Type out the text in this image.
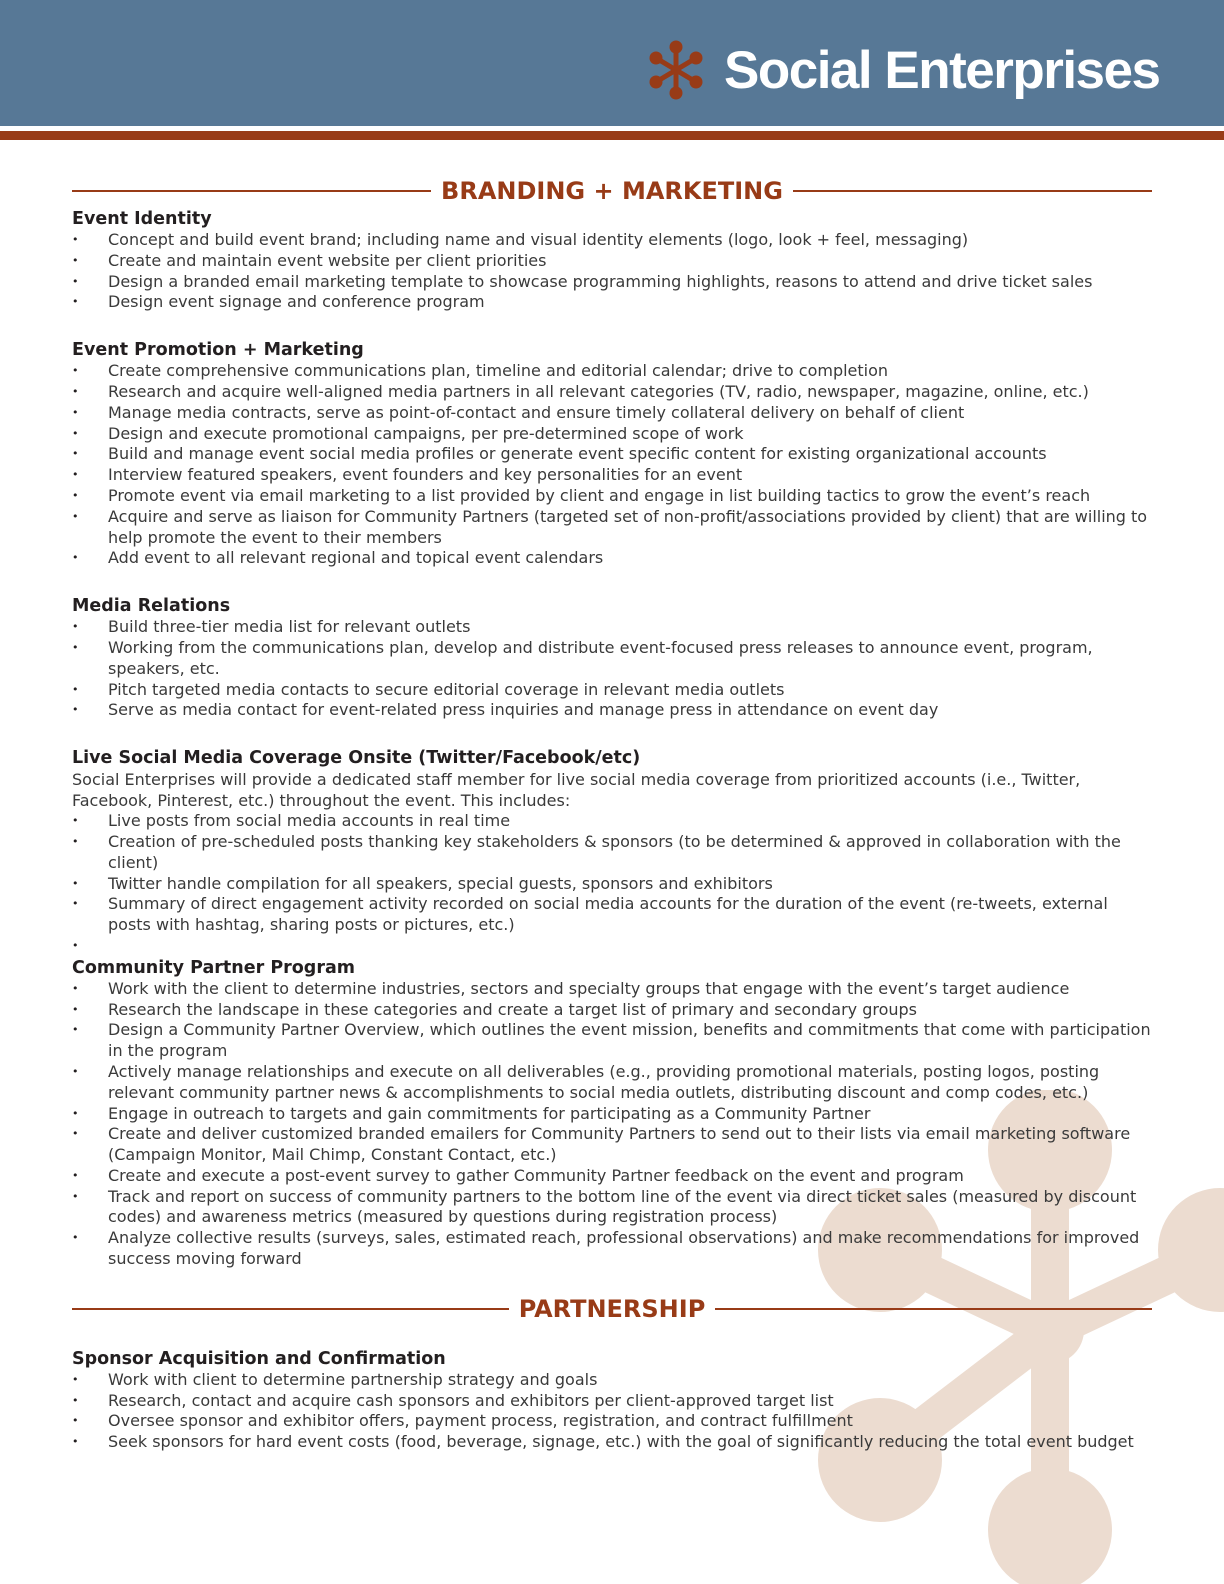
Social Enterprises
BRANDING + MARKETING
Event Identity
• Concept and build event brand; including name and visual identity elements (logo, look + feel, messaging)
• Create and maintain event website per client priorities
• Design a branded email marketing template to showcase programming highlights, reasons to attend and drive ticket sales
• Design event signage and conference program
Event Promotion + Marketing
• Create comprehensive communications plan, timeline and editorial calendar; drive to completion
• Research and acquire well-aligned media partners in all relevant categories (TV, radio, newspaper, magazine, online, etc.)
• Manage media contracts, serve as point-of-contact and ensure timely collateral delivery on behalf of client
• Design and execute promotional campaigns, per pre-determined scope of work
• Build and manage event social media profiles or generate event specific content for existing organizational accounts
• Interview featured speakers, event founders and key personalities for an event
• Promote event via email marketing to a list provided by client and engage in list building tactics to grow the event’s reach
• Acquire and serve as liaison for Community Partners (targeted set of non-profit/associations provided by client) that are willing to help promote the event to their members
• Add event to all relevant regional and topical event calendars
Media Relations
• Build three-tier media list for relevant outlets
• Working from the communications plan, develop and distribute event-focused press releases to announce event, program, speakers, etc.
• Pitch targeted media contacts to secure editorial coverage in relevant media outlets
• Serve as media contact for event-related press inquiries and manage press in attendance on event day
Live Social Media Coverage Onsite (Twitter/Facebook/etc)
Social Enterprises will provide a dedicated staff member for live social media coverage from prioritized accounts (i.e., Twitter, Facebook, Pinterest, etc.) throughout the event. This includes:
• Live posts from social media accounts in real time
• Creation of pre-scheduled posts thanking key stakeholders & sponsors (to be determined & approved in collaboration with the client)
• Twitter handle compilation for all speakers, special guests, sponsors and exhibitors
• Summary of direct engagement activity recorded on social media accounts for the duration of the event (re-tweets, external posts with hashtag, sharing posts or pictures, etc.)
•
Community Partner Program
• Work with the client to determine industries, sectors and specialty groups that engage with the event’s target audience
• Research the landscape in these categories and create a target list of primary and secondary groups
• Design a Community Partner Overview, which outlines the event mission, benefits and commitments that come with participation in the program
• Actively manage relationships and execute on all deliverables (e.g., providing promotional materials, posting logos, posting relevant community partner news & accomplishments to social media outlets, distributing discount and comp codes, etc.)
• Engage in outreach to targets and gain commitments for participating as a Community Partner
• Create and deliver customized branded emailers for Community Partners to send out to their lists via email marketing software (Campaign Monitor, Mail Chimp, Constant Contact, etc.)
• Create and execute a post-event survey to gather Community Partner feedback on the event and program
• Track and report on success of community partners to the bottom line of the event via direct ticket sales (measured by discount codes) and awareness metrics (measured by questions during registration process)
• Analyze collective results (surveys, sales, estimated reach, professional observations) and make recommendations for improved success moving forward
PARTNERSHIP
Sponsor Acquisition and Confirmation
• Work with client to determine partnership strategy and goals
• Research, contact and acquire cash sponsors and exhibitors per client-approved target list
• Oversee sponsor and exhibitor offers, payment process, registration, and contract fulfillment
• Seek sponsors for hard event costs (food, beverage, signage, etc.) with the goal of significantly reducing the total event budget
